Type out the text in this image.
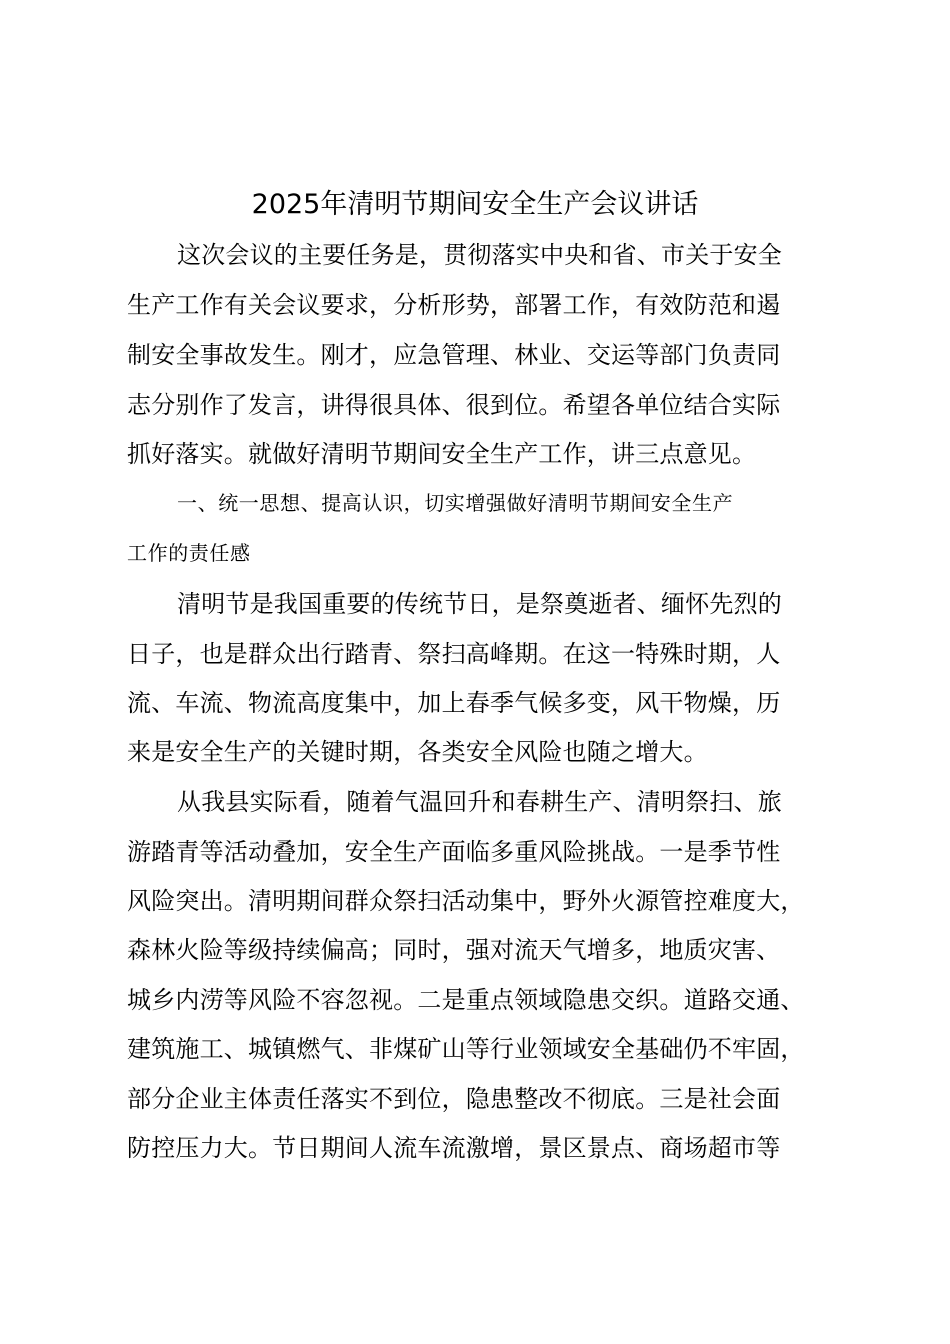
2025年清明节期间安全生产会议讲话
这次会议的主要任务是，贯彻落实中央和省、市关于安全
生产工作有关会议要求，分析形势，部署工作，有效防范和遏
制安全事故发生。刚才，应急管理、林业、交运等部门负责同
志分别作了发言，讲得很具体、很到位。希望各单位结合实际
抓好落实。就做好清明节期间安全生产工作，讲三点意见。
一、统一思想、提高认识，切实增强做好清明节期间安全生产
工作的责任感
清明节是我国重要的传统节日，是祭奠逝者、缅怀先烈的
日子，也是群众出行踏青、祭扫高峰期。在这一特殊时期，人
流、车流、物流高度集中，加上春季气候多变，风干物燥，历
来是安全生产的关键时期，各类安全风险也随之增大。
从我县实际看，随着气温回升和春耕生产、清明祭扫、旅
游踏青等活动叠加，安全生产面临多重风险挑战。一是季节性
风险突出。清明期间群众祭扫活动集中，野外火源管控难度大，
森林火险等级持续偏高；同时，强对流天气增多，地质灾害、
城乡内涝等风险不容忽视。二是重点领域隐患交织。道路交通、
建筑施工、城镇燃气、非煤矿山等行业领域安全基础仍不牢固，
部分企业主体责任落实不到位，隐患整改不彻底。三是社会面
防控压力大。节日期间人流车流激增，景区景点、商场超市等
